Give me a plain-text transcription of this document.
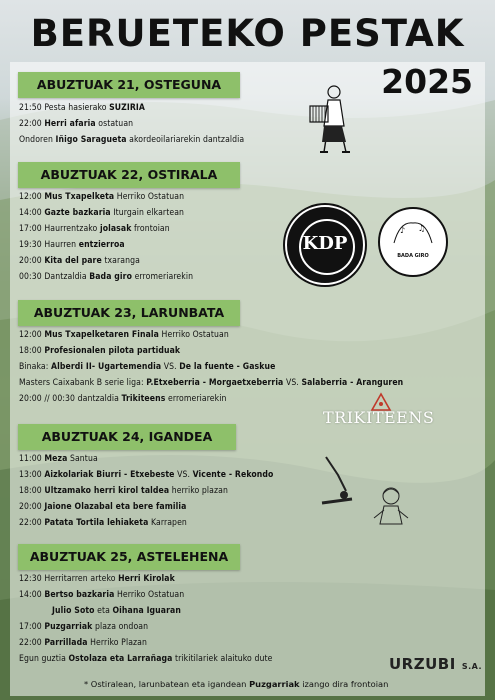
BERUETEKO PESTAK
2025
ABUZTUAK 21, OSTEGUNA
21:50 Pesta hasierako SUZIRIA
22:00 Herri afaria ostatuan
Ondoren Iñigo Saragueta akordeoilariarekin dantzaldia
ABUZTUAK 22, OSTIRALA
12:00 Mus Txapelketa Herriko Ostatuan
14:00 Gazte bazkaria Iturgain elkartean
17:00 Haurrentzako jolasak frontoian
19:30 Haurren entzierroa
20:00 Kita del pare txaranga
00:30 Dantzaldia Bada giro erromeriarekin
ABUZTUAK 23, LARUNBATA
12:00 Mus Txapelketaren Finala Herriko Ostatuan
18:00 Profesionalen pilota partiduak
Binaka: Alberdi II- Ugartemendia VS. De la fuente - Gaskue
Masters Caixabank B serie liga: P.Etxeberria - Morgaetxeberria VS. Salaberria - Aranguren
20:00 // 00:30 dantzaldia Trikiteens erromeriarekin
ABUZTUAK 24, IGANDEA
11:00 Meza Santua
13:00 Aizkolariak Biurri - Etxebeste VS. Vicente - Rekondo
18:00 Ultzamako herri kirol taldea herriko plazan
20:00 Jaione Olazabal eta bere familia
22:00 Patata Tortila lehiaketa Karrapen
ABUZTUAK 25, ASTELEHENA
12:30 Herritarren arteko Herri Kirolak
14:00 Bertso bazkaria Herriko Ostatuan
Julio Soto eta Oihana Iguaran
17:00 Puzgarriak plaza ondoan
22:00 Parrillada Herriko Plazan
Egun guztia Ostolaza eta Larrañaga trikitilariek alaituko dute
KDP
♪ ♫
BADA GIRO
TRIKITEENS
URZUBI S.A.
* Ostiralean, larunbatean eta igandean Puzgarriak izango dira frontoian
